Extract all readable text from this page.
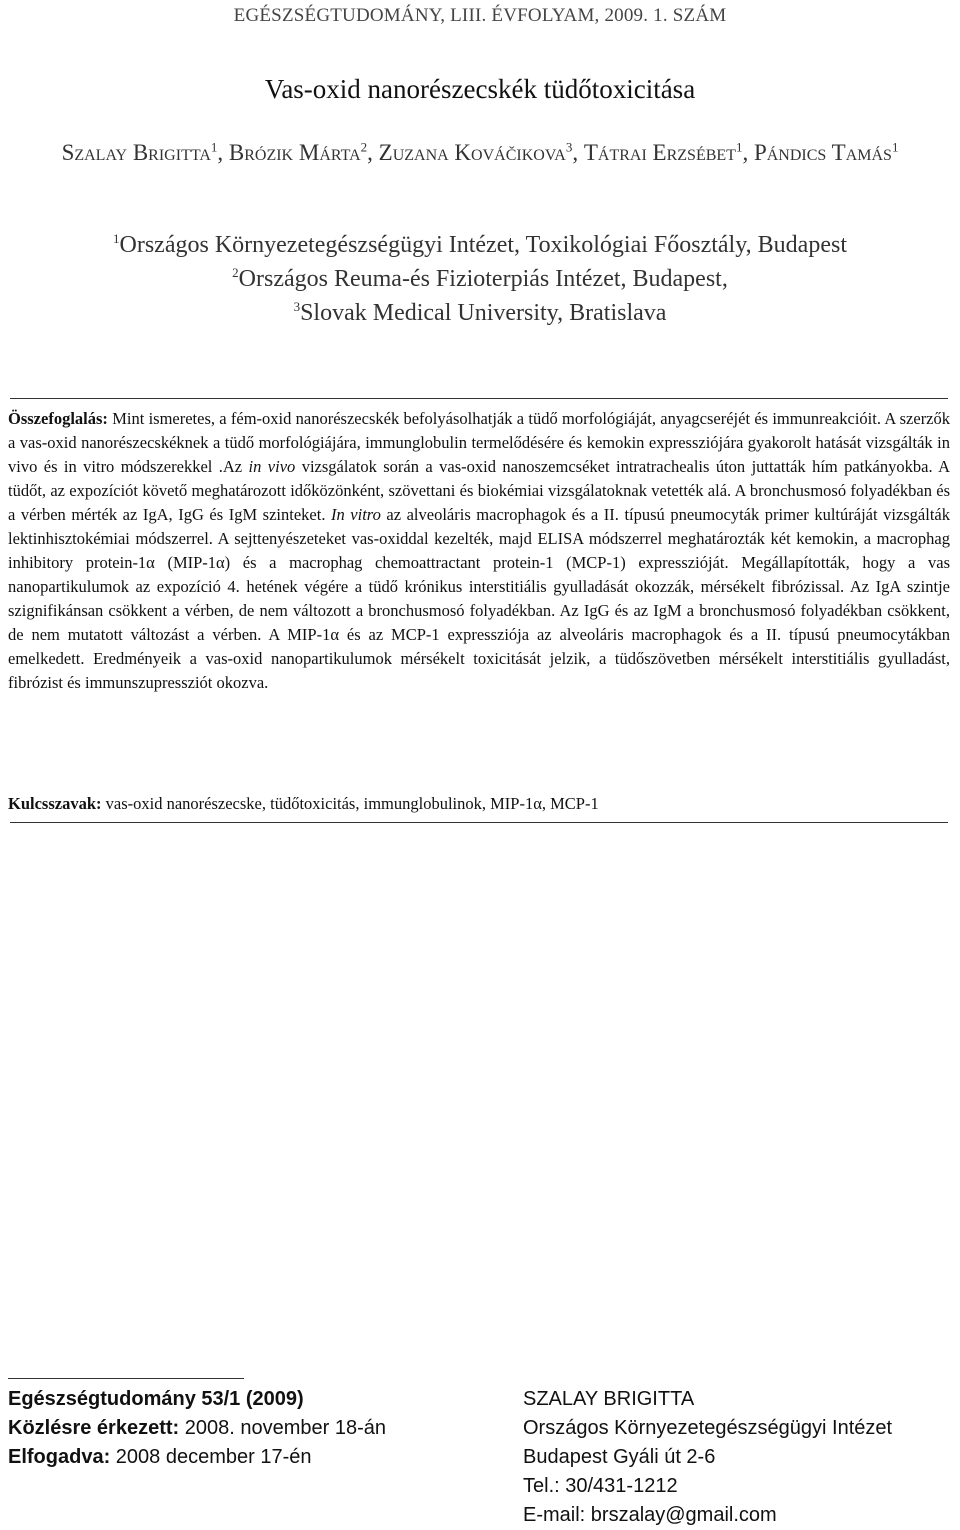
EGÉSZSÉGTUDOMÁNY, LIII. ÉVFOLYAM, 2009. 1. SZÁM
Vas-oxid nanorészecskék tüdőtoxicitása
Szalay Brigitta$^1$, Brózik Márta$^2$, Zuzana Kováčikova$^3$, Tátrai Erzsébet$^1$, Pándics Tamás$^1$
$^1$Országos Környezetegészségügyi Intézet, Toxikológiai Főosztály, Budapest
$^2$Országos Reuma-és Fizioterpiás Intézet, Budapest,
$^3$Slovak Medical University, Bratislava
Összefoglalás: Mint ismeretes, a fém-oxid nanorészecskék befolyásolhatják a tüdő morfológiáját, anyagcseréjét és immunreakcióit. A szerzők a vas-oxid nanorészecskéknek a tüdő morfológiájára, immunglobulin termelődésére és kemokin expressziójára gyakorolt hatását vizsgálták in vivo és in vitro módszerekkel .Az in vivo vizsgálatok során a vas-oxid nanoszemcséket intratrachealis úton juttatták hím patkányokba. A tüdőt, az expozíciót követő meghatározott időközönként, szövettani és biokémiai vizsgálatoknak vetették alá. A bronchusmosó folyadékban és a vérben mérték az IgA, IgG és IgM szinteket. In vitro az alveoláris macrophagok és a II. típusú pneumocyták primer kultúráját vizsgálták lektinhisztokémiai módszerrel. A sejttenyészeteket vas-oxiddal kezelték, majd ELISA módszerrel meghatározták két kemokin, a macrophag inhibitory protein-1α (MIP-1α) és a macrophag chemoattractant protein-1 (MCP-1) expresszióját. Megállapították, hogy a vas nanopartikulumok az expozíció 4. hetének végére a tüdő krónikus interstitiális gyulladását okozzák, mérsékelt fibrózissal. Az IgA szintje szignifikánsan csökkent a vérben, de nem változott a bronchusmosó folyadékban. Az IgG és az IgM a bronchusmosó folyadékban csökkent, de nem mutatott változást a vérben. A MIP-1α és az MCP-1 expressziója az alveoláris macrophagok és a II. típusú pneumocytákban emelkedett. Eredményeik a vas-oxid nanopartikulumok mérsékelt toxicitását jelzik, a tüdőszövetben mérsékelt interstitiális gyulladást, fibrózist és immunszupressziót okozva.
Kulcsszavak: vas-oxid nanorészecske, tüdőtoxicitás, immunglobulinok, MIP-1α, MCP-1
Egészségtudomány 53/1 (2009)
Közlésre érkezett: 2008. november 18-án
Elfogadva: 2008 december 17-én
SZALAY BRIGITTA
Országos Környezetegészségügyi Intézet
Budapest Gyáli út 2-6
Tel.: 30/431-1212
E-mail: brszalay@gmail.com
